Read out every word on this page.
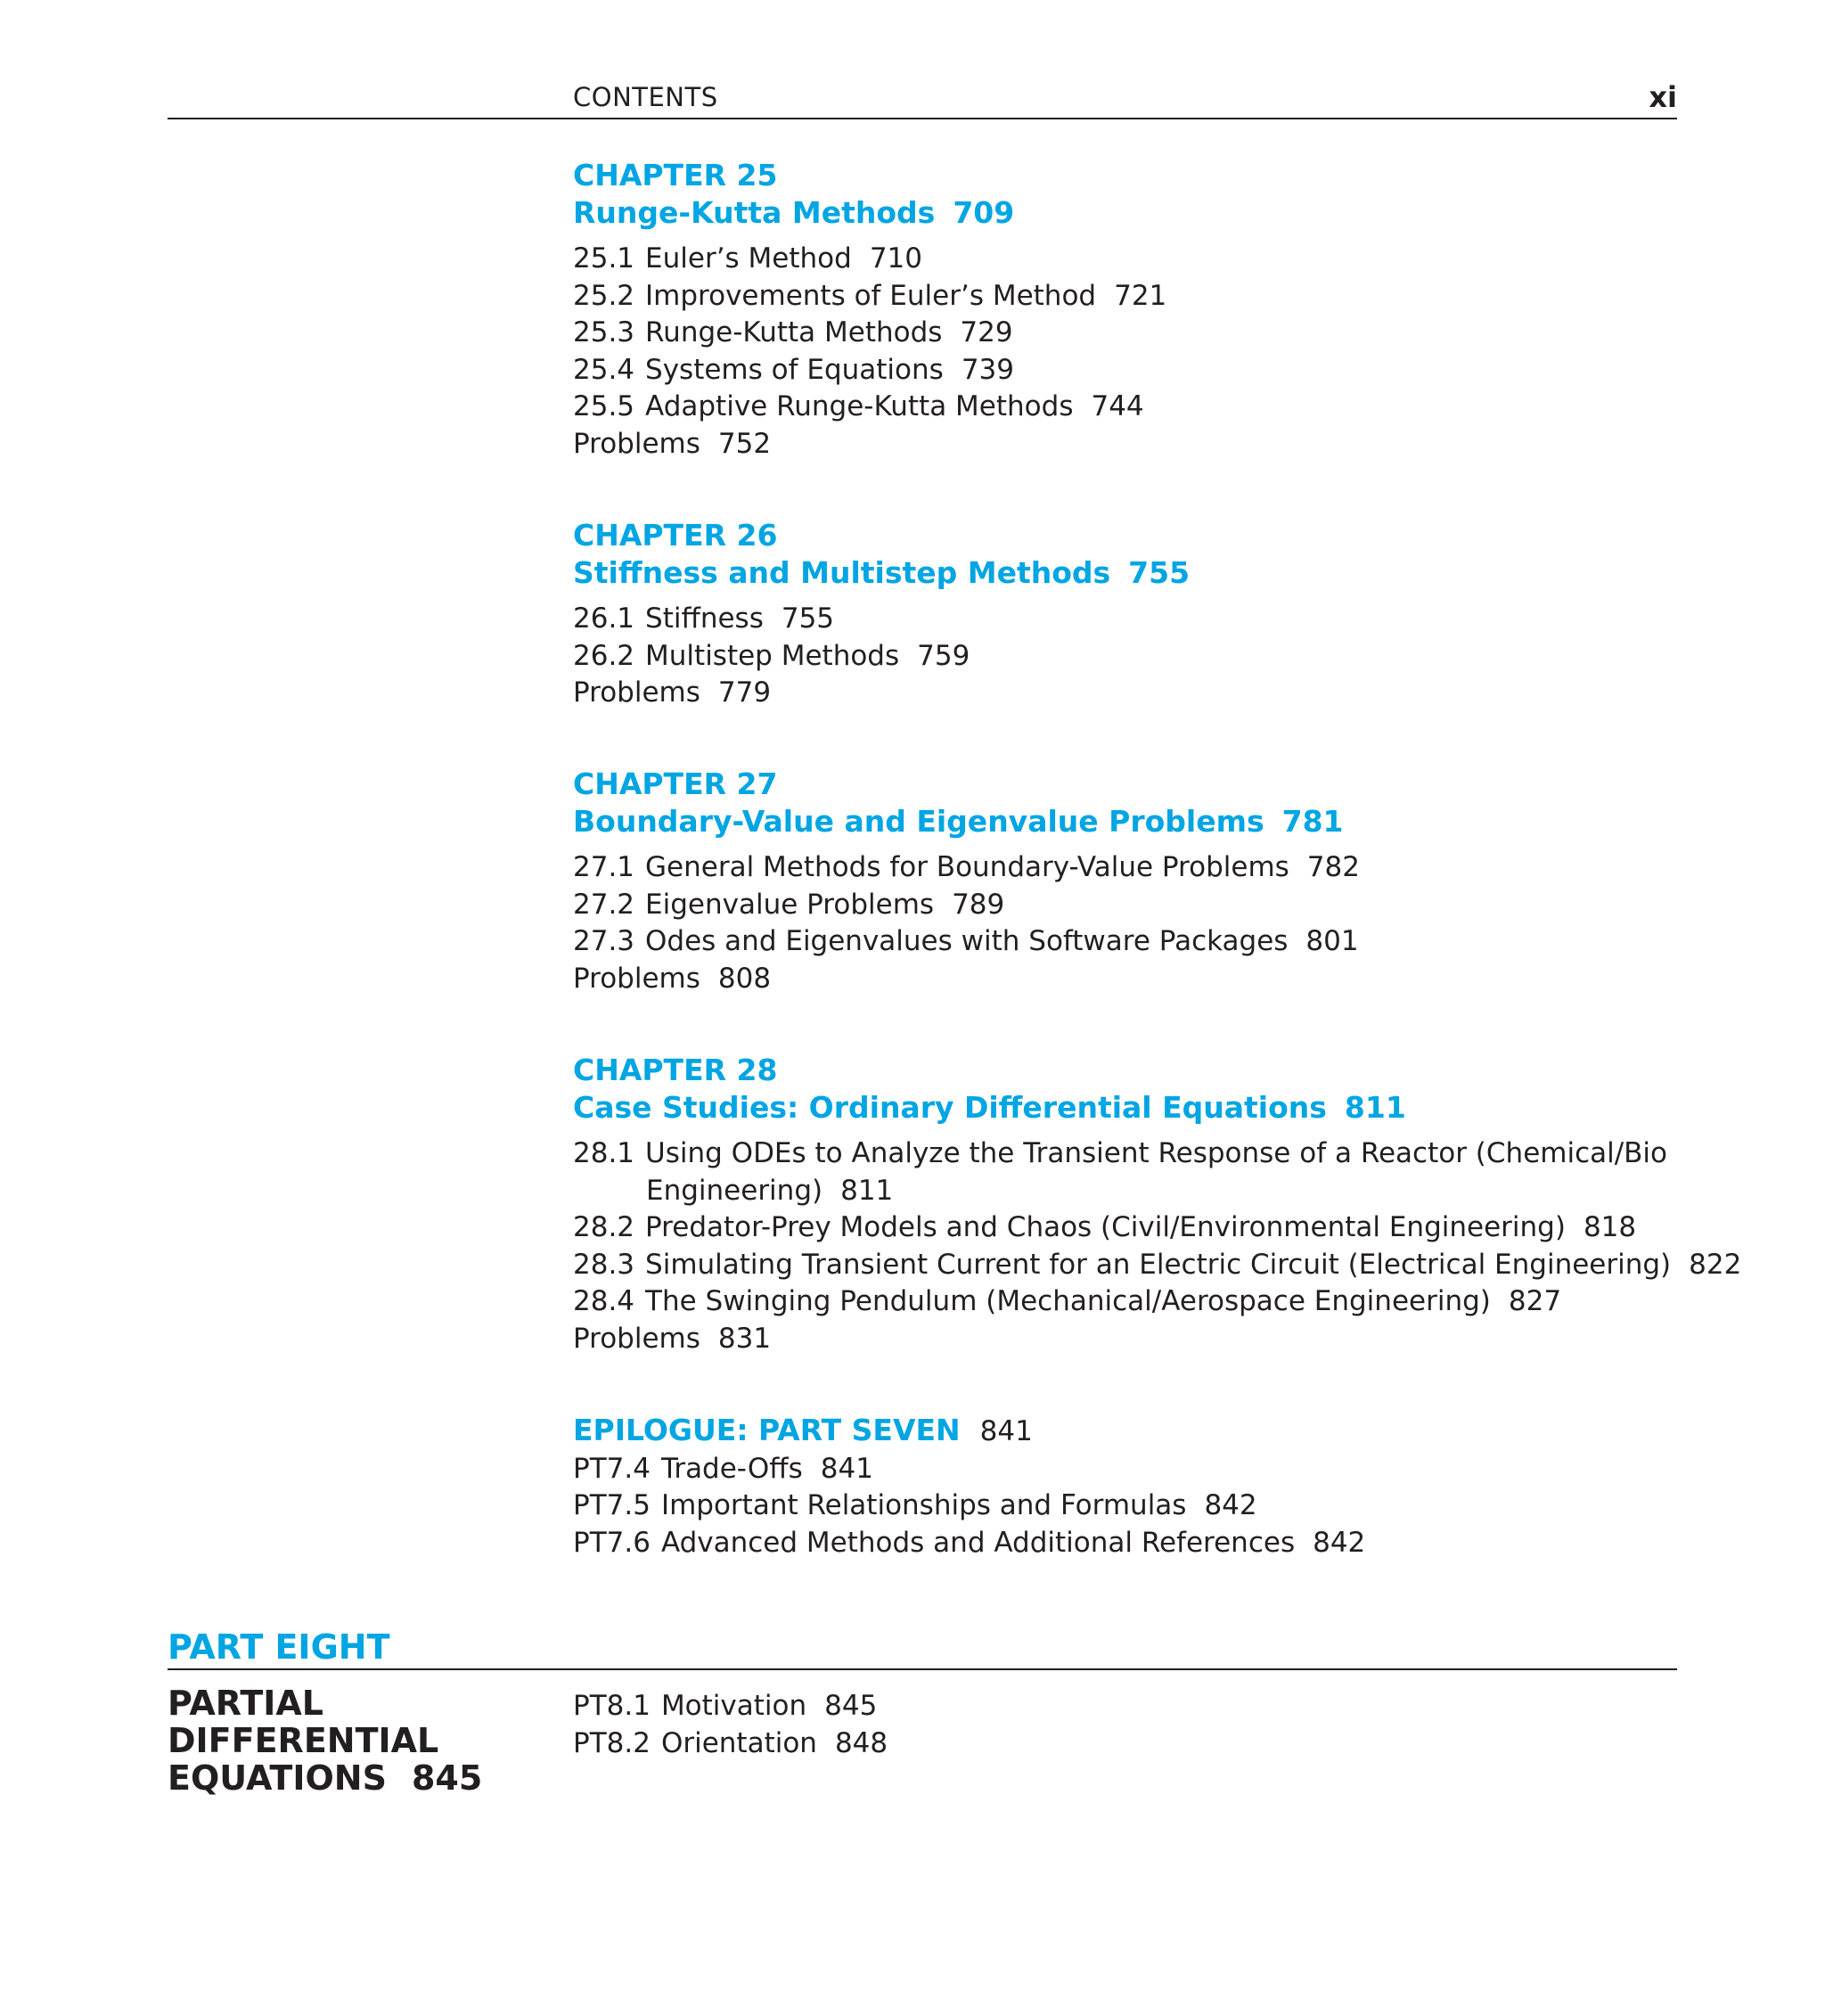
CONTENTS	xi
CHAPTER 25
Runge-Kutta Methods 709
25.1 Euler’s Method 710
25.2 Improvements of Euler’s Method 721
25.3 Runge-Kutta Methods 729
25.4 Systems of Equations 739
25.5 Adaptive Runge-Kutta Methods 744
Problems 752
CHAPTER 26
Stiffness and Multistep Methods 755
26.1 Stiffness 755
26.2 Multistep Methods 759
Problems 779
CHAPTER 27
Boundary-Value and Eigenvalue Problems 781
27.1 General Methods for Boundary-Value Problems 782
27.2 Eigenvalue Problems 789
27.3 Odes and Eigenvalues with Software Packages 801
Problems 808
CHAPTER 28
Case Studies: Ordinary Differential Equations 811
28.1 Using ODEs to Analyze the Transient Response of a Reactor (Chemical/Bio Engineering) 811
28.2 Predator-Prey Models and Chaos (Civil/Environmental Engineering) 818
28.3 Simulating Transient Current for an Electric Circuit (Electrical Engineering) 822
28.4 The Swinging Pendulum (Mechanical/Aerospace Engineering) 827
Problems 831
EPILOGUE: PART SEVEN 841
PT7.4 Trade-Offs 841
PT7.5 Important Relationships and Formulas 842
PT7.6 Advanced Methods and Additional References 842
PART EIGHT
PARTIAL
DIFFERENTIAL
EQUATIONS 845
PT8.1 Motivation 845
PT8.2 Orientation 848
